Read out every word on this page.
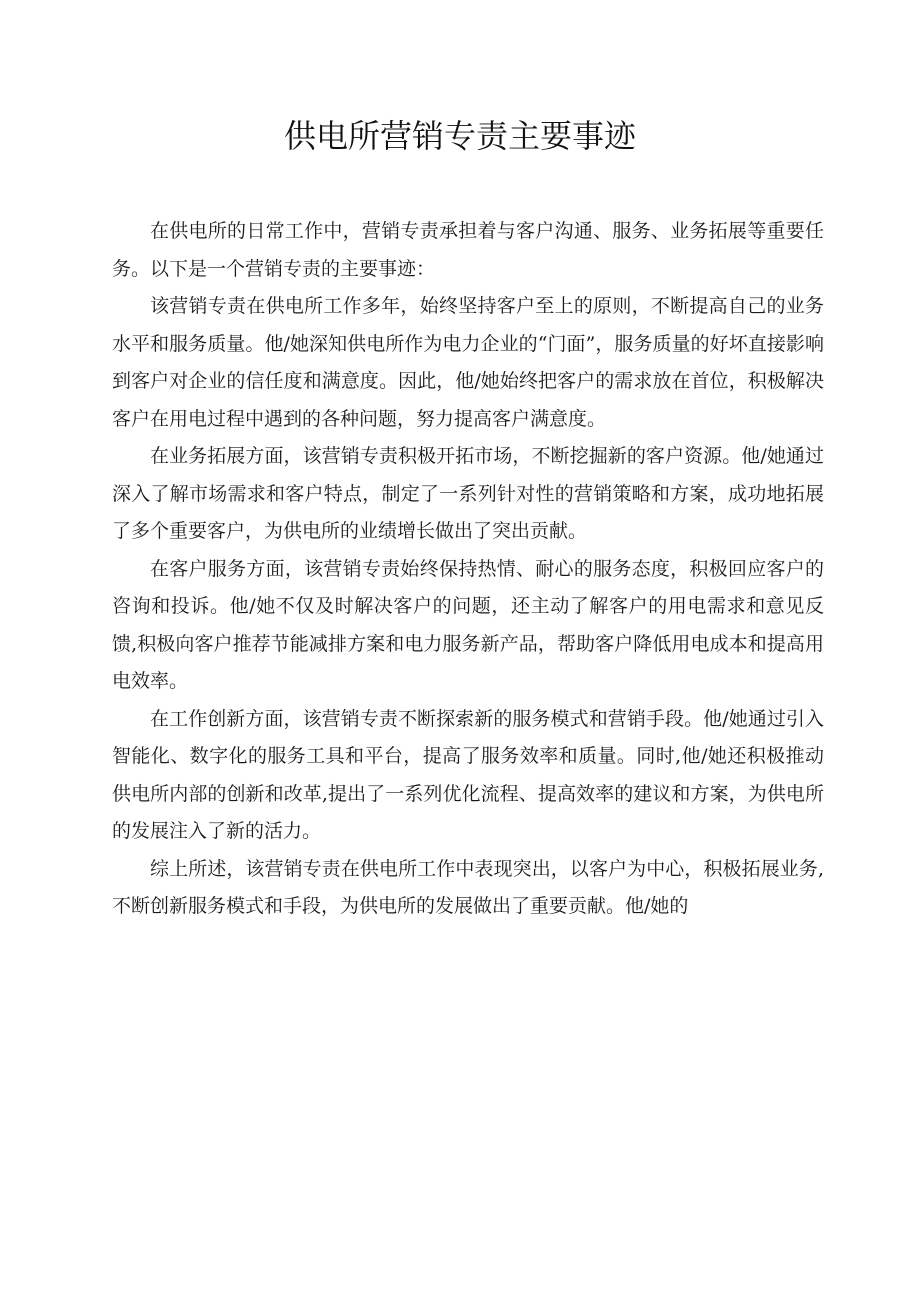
供电所营销专责主要事迹

在供电所的日常工作中，营销专责承担着与客户沟通、服务、业务拓展等重要任务。以下是一个营销专责的主要事迹：

该营销专责在供电所工作多年，始终坚持客户至上的原则，不断提高自己的业务水平和服务质量。他/她深知供电所作为电力企业的“门面”，服务质量的好坏直接影响到客户对企业的信任度和满意度。因此，他/她始终把客户的需求放在首位，积极解决客户在用电过程中遇到的各种问题，努力提高客户满意度。

在业务拓展方面，该营销专责积极开拓市场，不断挖掘新的客户资源。他/她通过深入了解市场需求和客户特点，制定了一系列针对性的营销策略和方案，成功地拓展了多个重要客户，为供电所的业绩增长做出了突出贡献。

在客户服务方面，该营销专责始终保持热情、耐心的服务态度，积极回应客户的咨询和投诉。他/她不仅及时解决客户的问题，还主动了解客户的用电需求和意见反馈,积极向客户推荐节能减排方案和电力服务新产品，帮助客户降低用电成本和提高用电效率。

在工作创新方面，该营销专责不断探索新的服务模式和营销手段。他/她通过引入智能化、数字化的服务工具和平台，提高了服务效率和质量。同时,他/她还积极推动供电所内部的创新和改革,提出了一系列优化流程、提高效率的建议和方案，为供电所的发展注入了新的活力。

综上所述，该营销专责在供电所工作中表现突出，以客户为中心，积极拓展业务,不断创新服务模式和手段，为供电所的发展做出了重要贡献。他/她的
